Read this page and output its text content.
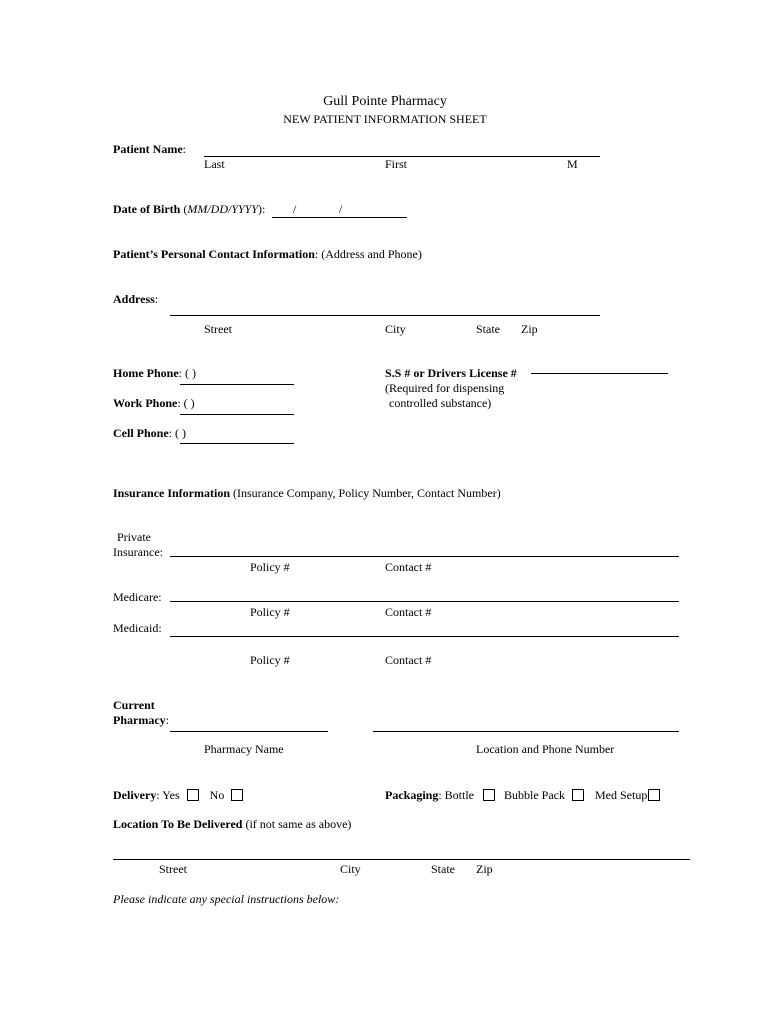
Gull Pointe Pharmacy
NEW PATIENT INFORMATION SHEET
Patient Name:
Last	First	M
Date of Birth (MM/DD/YYYY): /	/
Patient’s Personal Contact Information: (Address and Phone)
Address:
Street	City	State Zip
Home Phone: ( )
Work Phone: ( )
Cell Phone: ( )
S.S # or Drivers License #
(Required for dispensing
controlled substance)
Insurance Information (Insurance Company, Policy Number, Contact Number)
Private
Insurance:
Policy #	Contact #
Medicare:
Policy #	Contact #
Medicaid:
Policy #	Contact #
Current
Pharmacy:
Pharmacy Name	Location and Phone Number
Delivery: Yes	No	Packaging: Bottle	Bubble Pack	Med Setup
Location To Be Delivered (if not same as above)
Street	City	State Zip
Please indicate any special instructions below:
